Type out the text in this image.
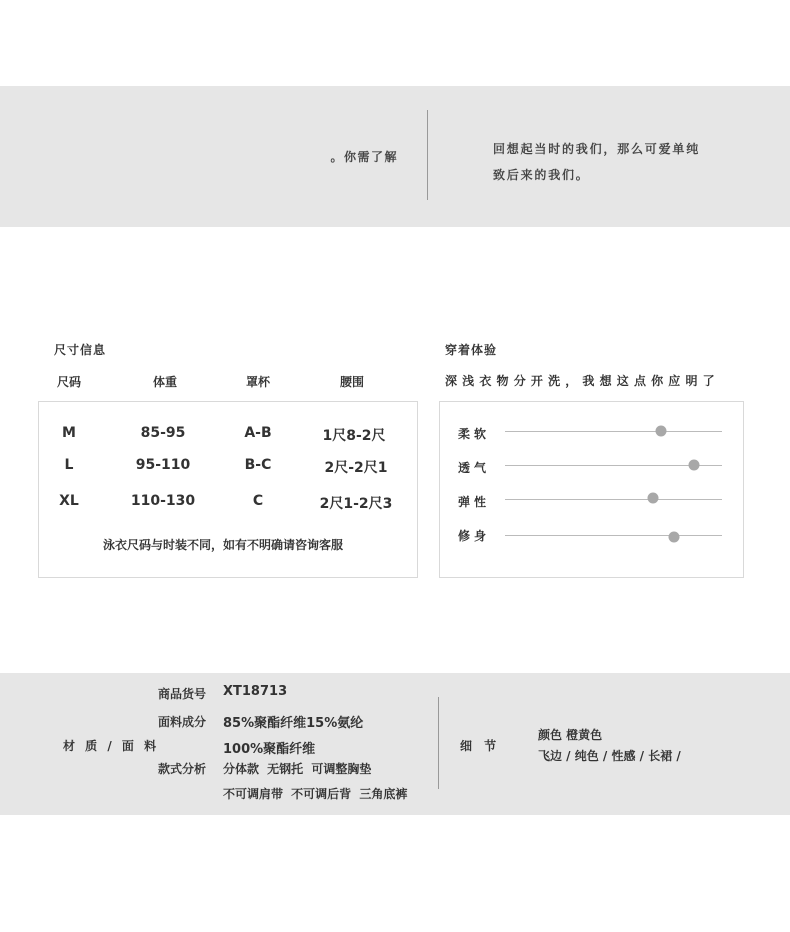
。你需了解
回想起当时的我们，那么可爱单纯
致后来的我们。
尺寸信息
尺码	体重	罩杯	腰围
M	85-95	A-B	1尺8-2尺
L	95-110	B-C	2尺-2尺1
XL	110-130	C	2尺1-2尺3
泳衣尺码与时装不同，如有不明确请咨询客服
穿着体验
深 浅 衣 物 分 开 洗 ， 我 想 这 点 你 应 明 了
柔软
透气
弹性
修身
材 质 / 面 料
商品货号 XT18713
面料成分 85%聚酯纤维15%氨纶
100%聚酯纤维
款式分析 分体款 无钢托 可调整胸垫
不可调肩带 不可调后背 三角底裤
细 节
颜色 橙黄色
飞边 / 纯色 / 性感 / 长裙 /
